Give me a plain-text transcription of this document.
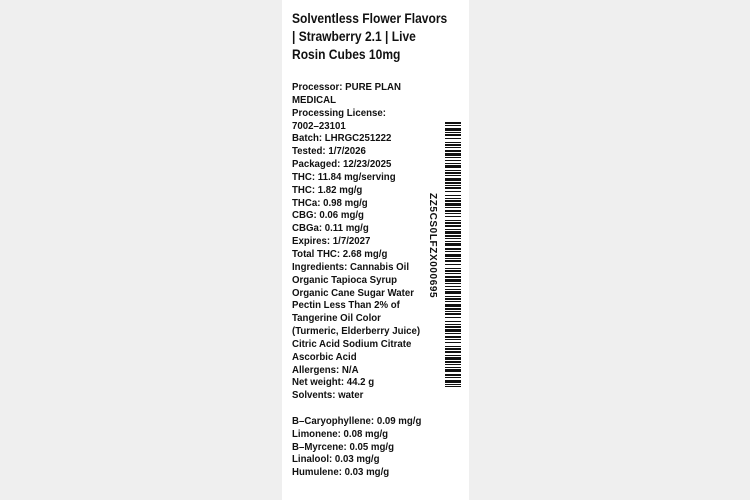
Solventless Flower Flavors
| Strawberry 2.1 | Live
Rosin Cubes 10mg
Processor: PURE PLAN
MEDICAL
Processing License:
7002–23101
Batch: LHRGC251222
Tested: 1/7/2026
Packaged: 12/23/2025
THC: 11.84 mg/serving
THC: 1.82 mg/g
THCa: 0.98 mg/g
CBG: 0.06 mg/g
CBGa: 0.11 mg/g
Expires: 1/7/2027
Total THC: 2.68 mg/g
Ingredients: Cannabis Oil
Organic Tapioca Syrup
Organic Cane Sugar Water
Pectin Less Than 2% of
Tangerine Oil Color
(Turmeric, Elderberry Juice)
Citric Acid Sodium Citrate
Ascorbic Acid
Allergens: N/A
Net weight: 44.2 g
Solvents: water
B–Caryophyllene: 0.09 mg/g
Limonene: 0.08 mg/g
B–Myrcene: 0.05 mg/g
Linalool: 0.03 mg/g
Humulene: 0.03 mg/g
ZZ5CS0LFZX000695
